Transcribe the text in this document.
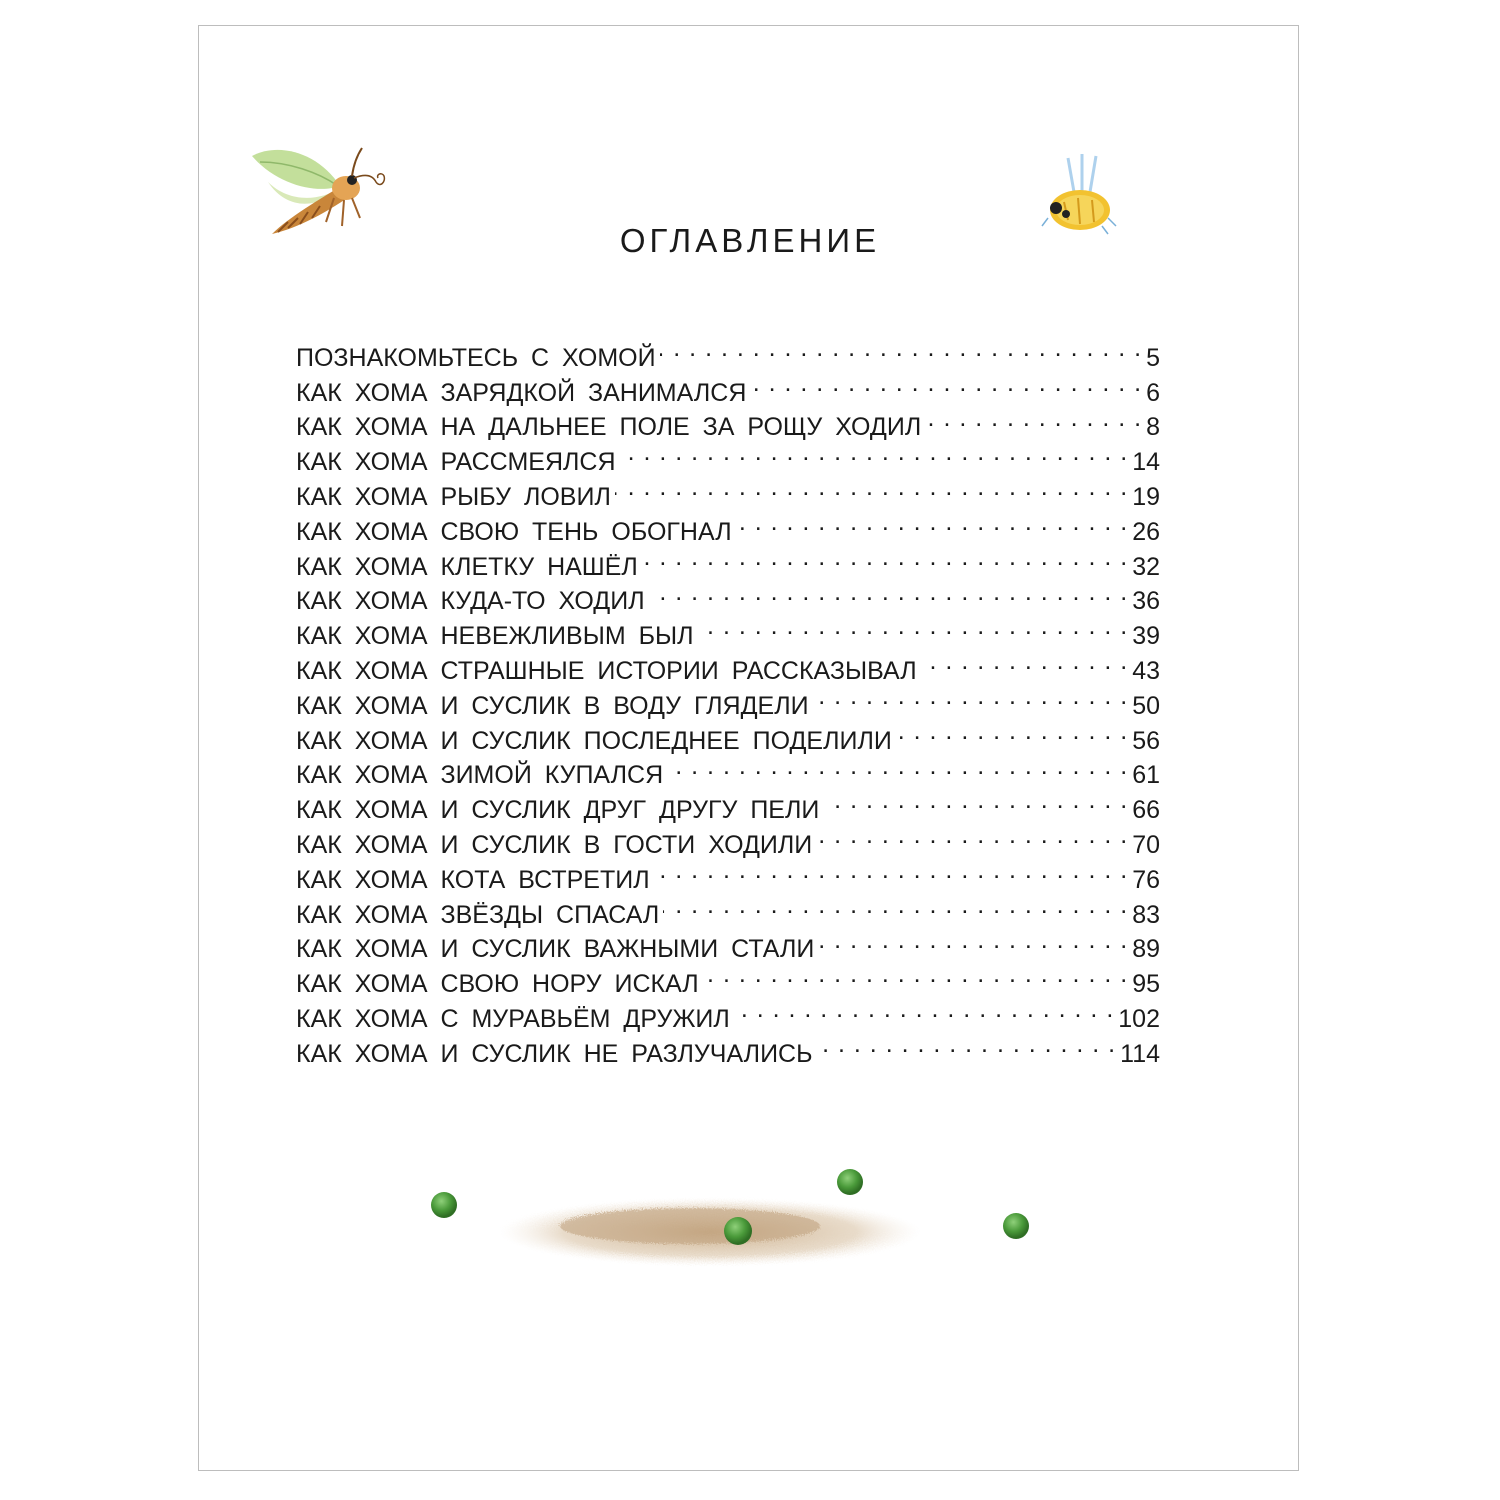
ОГЛАВЛЕНИЕ
ПОЗНАКОМЬТЕСЬ С ХОМОЙ . . .	5
КАК ХОМА ЗАРЯДКОЙ ЗАНИМАЛСЯ . . .	6
КАК ХОМА НА ДАЛЬНЕЕ ПОЛЕ ЗА РОЩУ ХОДИЛ . . .	8
КАК ХОМА РАССМЕЯЛСЯ . . .	14
КАК ХОМА РЫБУ ЛОВИЛ . . .	19
КАК ХОМА СВОЮ ТЕНЬ ОБОГНАЛ . . .	26
КАК ХОМА КЛЕТКУ НАШЁЛ . . .	32
КАК ХОМА КУДА-ТО ХОДИЛ . . .	36
КАК ХОМА НЕВЕЖЛИВЫМ БЫЛ . . .	39
КАК ХОМА СТРАШНЫЕ ИСТОРИИ РАССКАЗЫВАЛ . . .	43
КАК ХОМА И СУСЛИК В ВОДУ ГЛЯДЕЛИ . . .	50
КАК ХОМА И СУСЛИК ПОСЛЕДНЕЕ ПОДЕЛИЛИ . . .	56
КАК ХОМА ЗИМОЙ КУПАЛСЯ . . .	61
КАК ХОМА И СУСЛИК ДРУГ ДРУГУ ПЕЛИ . . .	66
КАК ХОМА И СУСЛИК В ГОСТИ ХОДИЛИ . . .	70
КАК ХОМА КОТА ВСТРЕТИЛ . . .	76
КАК ХОМА ЗВЁЗДЫ СПАСАЛ . . .	83
КАК ХОМА И СУСЛИК ВАЖНЫМИ СТАЛИ . . .	89
КАК ХОМА СВОЮ НОРУ ИСКАЛ . . .	95
КАК ХОМА С МУРАВЬЁМ ДРУЖИЛ . . .	102
КАК ХОМА И СУСЛИК НЕ РАЗЛУЧАЛИСЬ . . .	114
